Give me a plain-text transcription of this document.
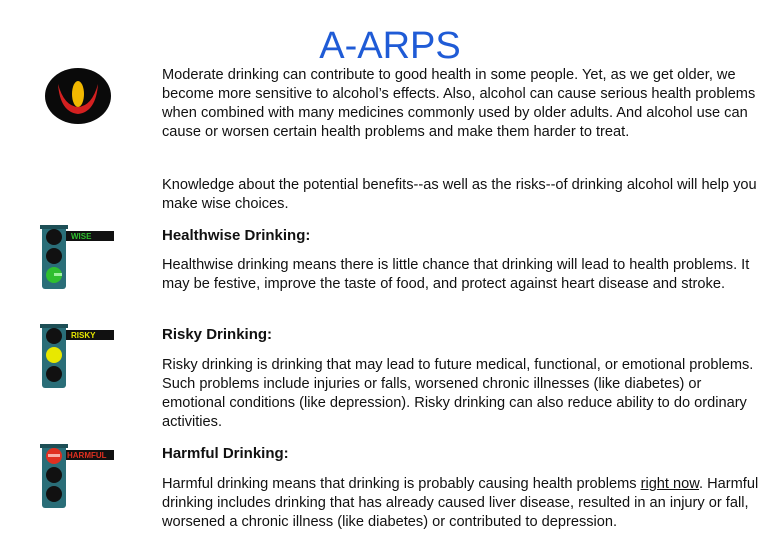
A-ARPS

Moderate drinking can contribute to good health in some people. Yet, as we get older, we become more sensitive to alcohol’s effects. Also, alcohol can cause serious health problems when combined with many medicines commonly used by older adults. And alcohol use can cause or worsen certain health problems and make them harder to treat.

Knowledge about the potential benefits--as well as the risks--of drinking alcohol will help you make wise choices.

WISE	Healthwise Drinking:

Healthwise drinking means there is little chance that drinking will lead to health problems. It may be festive, improve the taste of food, and protect against heart disease and stroke.

RISKY	Risky Drinking:

Risky drinking is drinking that may lead to future medical, functional, or emotional problems. Such problems include injuries or falls, worsened chronic illnesses (like diabetes) or emotional conditions (like depression). Risky drinking can also reduce ability to do ordinary activities.

HARMFUL	Harmful Drinking:

Harmful drinking means that drinking is probably causing health problems right now. Harmful drinking includes drinking that has already caused liver disease, resulted in an injury or fall, worsened a chronic illness (like diabetes) or contributed to depression.
